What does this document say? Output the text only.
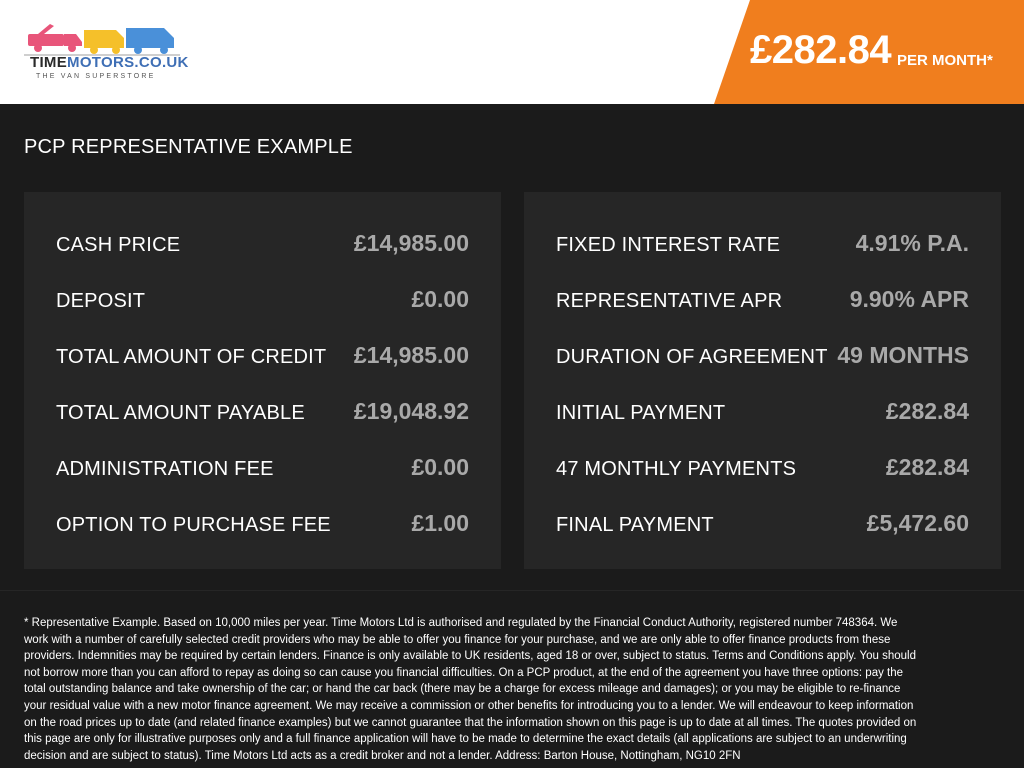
TIMEMOTORS.CO.UK
THE VAN SUPERSTORE
£282.84 PER MONTH*
PCP REPRESENTATIVE EXAMPLE
CASH PRICE	£14,985.00
DEPOSIT	£0.00
TOTAL AMOUNT OF CREDIT £14,985.00
TOTAL AMOUNT PAYABLE £19,048.92
ADMINISTRATION FEE	£0.00
OPTION TO PURCHASE FEE	£1.00
FIXED INTEREST RATE	4.91% P.A.
REPRESENTATIVE APR	9.90% APR
DURATION OF AGREEMENT 49 MONTHS
INITIAL PAYMENT	£282.84
47 MONTHLY PAYMENTS	£282.84
FINAL PAYMENT	£5,472.60

* Representative Example. Based on 10,000 miles per year. Time Motors Ltd is authorised and regulated by the Financial Conduct Authority, registered number 748364. We work with a number of carefully selected credit providers who may be able to offer you finance for your purchase, and we are only able to offer finance products from these providers. Indemnities may be required by certain lenders. Finance is only available to UK residents, aged 18 or over, subject to status. Terms and Conditions apply. You should not borrow more than you can afford to repay as doing so can cause you financial difficulties. On a PCP product, at the end of the agreement you have three options: pay the total outstanding balance and take ownership of the car; or hand the car back (there may be a charge for excess mileage and damages); or you may be eligible to re-finance your residual value with a new motor finance agreement. We may receive a commission or other benefits for introducing you to a lender. We will endeavour to keep information on the road prices up to date (and related finance examples) but we cannot guarantee that the information shown on this page is up to date at all times. The quotes provided on this page are only for illustrative purposes only and a full finance application will have to be made to determine the exact details (all applications are subject to an underwriting decision and are subject to status). Time Motors Ltd acts as a credit broker and not a lender. Address: Barton House, Nottingham, NG10 2FN
